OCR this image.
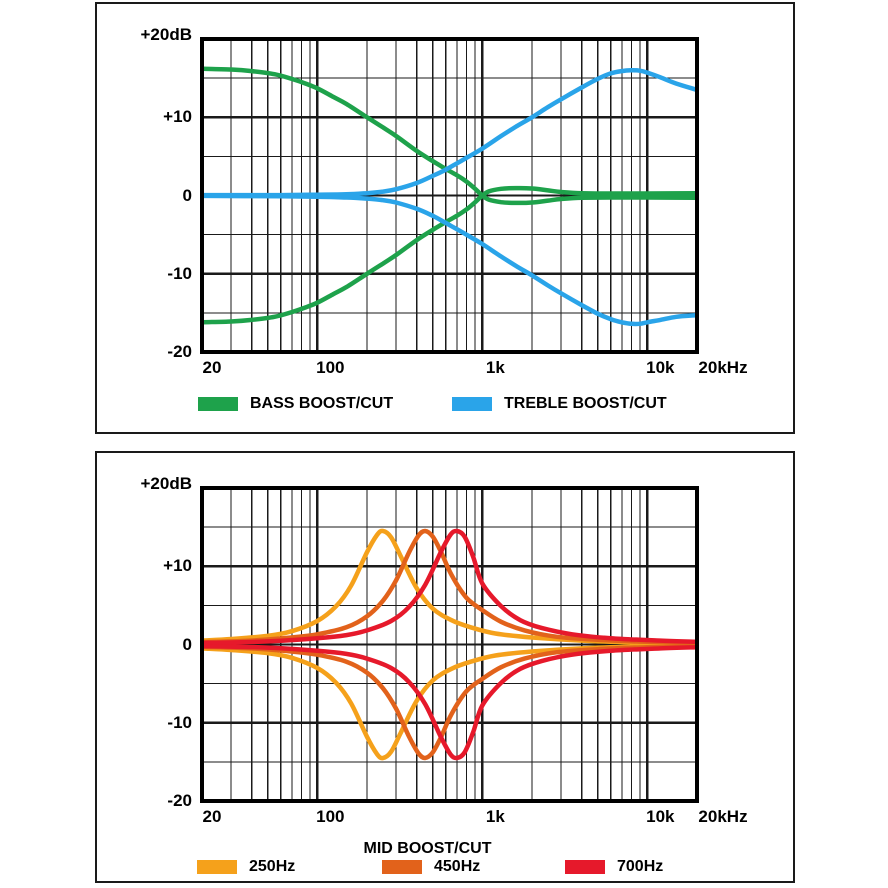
+20dB
+10
0
-10
-20
20	100	1k	10k	20kHz
BASS BOOST/CUT	TREBLE BOOST/CUT
MID BOOST/CUT
+20dB
+10
0
-10
-20
20	100	1k	10k	20kHz
250Hz	450Hz	700Hz
